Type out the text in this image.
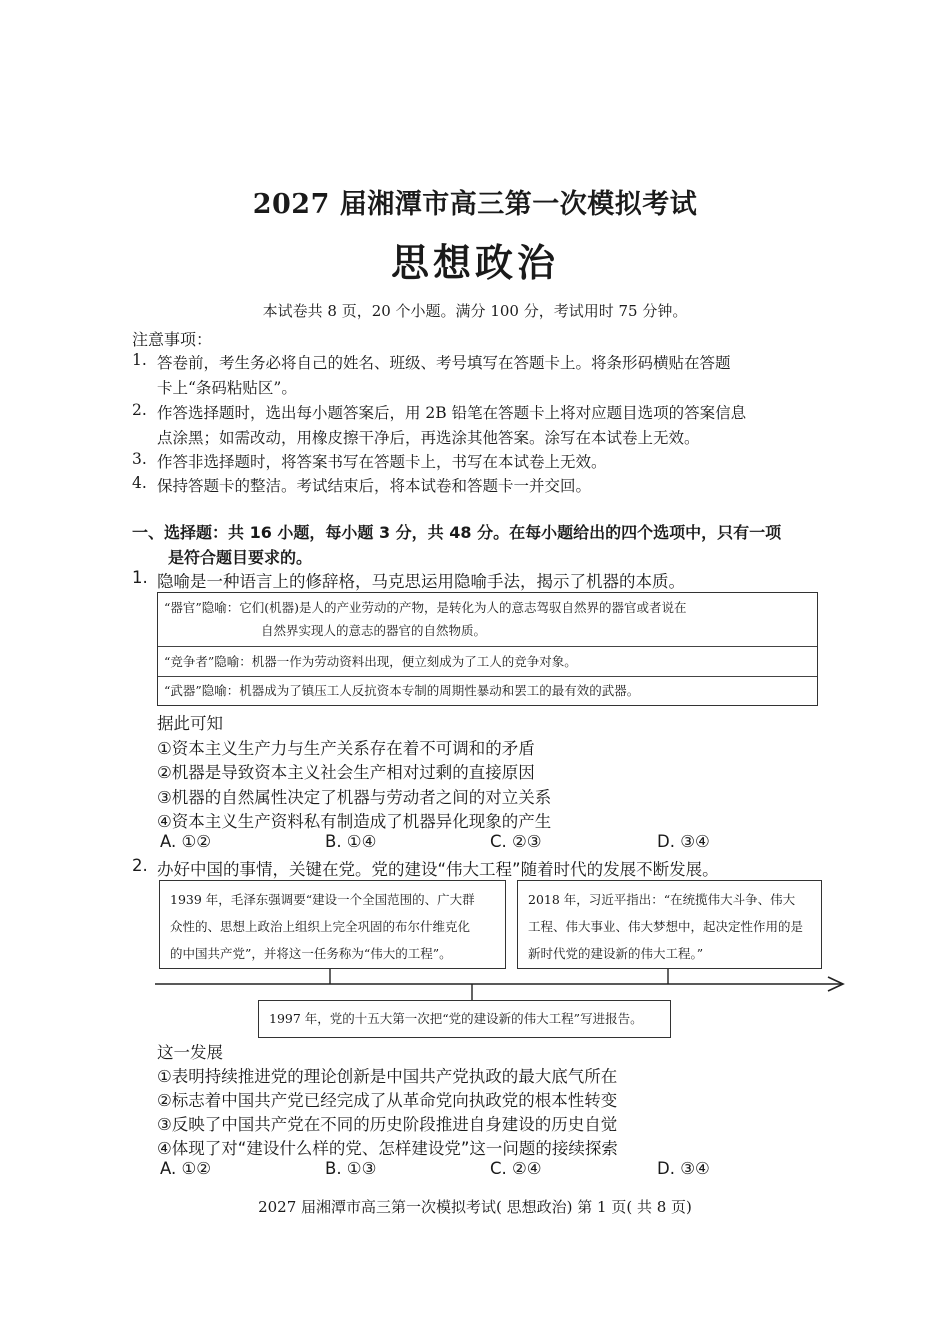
2027 届湘潭市高三第一次模拟考试
思想政治
本试卷共 8 页，20 个小题。满分 100 分，考试用时 75 分钟。
注意事项：
1. 答卷前，考生务必将自己的姓名、班级、考号填写在答题卡上。将条形码横贴在答题
卡上“条码粘贴区”。
2. 作答选择题时，选出每小题答案后，用 2B 铅笔在答题卡上将对应题目选项的答案信息
点涂黑；如需改动，用橡皮擦干净后，再选涂其他答案。涂写在本试卷上无效。
3. 作答非选择题时，将答案书写在答题卡上，书写在本试卷上无效。
4. 保持答题卡的整洁。考试结束后，将本试卷和答题卡一并交回。
一、选择题：共 16 小题，每小题 3 分，共 48 分。在每小题给出的四个选项中，只有一项
是符合题目要求的。
1. 隐喻是一种语言上的修辞格，马克思运用隐喻手法，揭示了机器的本质。
“器官”隐喻：它们(机器)是人的产业劳动的产物，是转化为人的意志驾驭自然界的器官或者说在
自然界实现人的意志的器官的自然物质。
“竞争者”隐喻：机器一作为劳动资料出现，便立刻成为了工人的竞争对象。
“武器”隐喻：机器成为了镇压工人反抗资本专制的周期性暴动和罢工的最有效的武器。
据此可知
①资本主义生产力与生产关系存在着不可调和的矛盾
②机器是导致资本主义社会生产相对过剩的直接原因
③机器的自然属性决定了机器与劳动者之间的对立关系
④资本主义生产资料私有制造成了机器异化现象的产生
A. ①②	B. ①④	C. ②③	D. ③④
2. 办好中国的事情，关键在党。党的建设“伟大工程”随着时代的发展不断发展。
1939 年，毛泽东强调要“建设一个全国范围的、广大群
众性的、思想上政治上组织上完全巩固的布尔什维克化
的中国共产党”，并将这一任务称为“伟大的工程”。
2018 年，习近平指出：“在统揽伟大斗争、伟大
工程、伟大事业、伟大梦想中，起决定性作用的是
新时代党的建设新的伟大工程。”
1997 年，党的十五大第一次把“党的建设新的伟大工程”写进报告。
这一发展
①表明持续推进党的理论创新是中国共产党执政的最大底气所在
②标志着中国共产党已经完成了从革命党向执政党的根本性转变
③反映了中国共产党在不同的历史阶段推进自身建设的历史自觉
④体现了对“建设什么样的党、怎样建设党”这一问题的接续探索
A. ①②	B. ①③	C. ②④	D. ③④
2027 届湘潭市高三第一次模拟考试( 思想政治) 第 1 页( 共 8 页)
